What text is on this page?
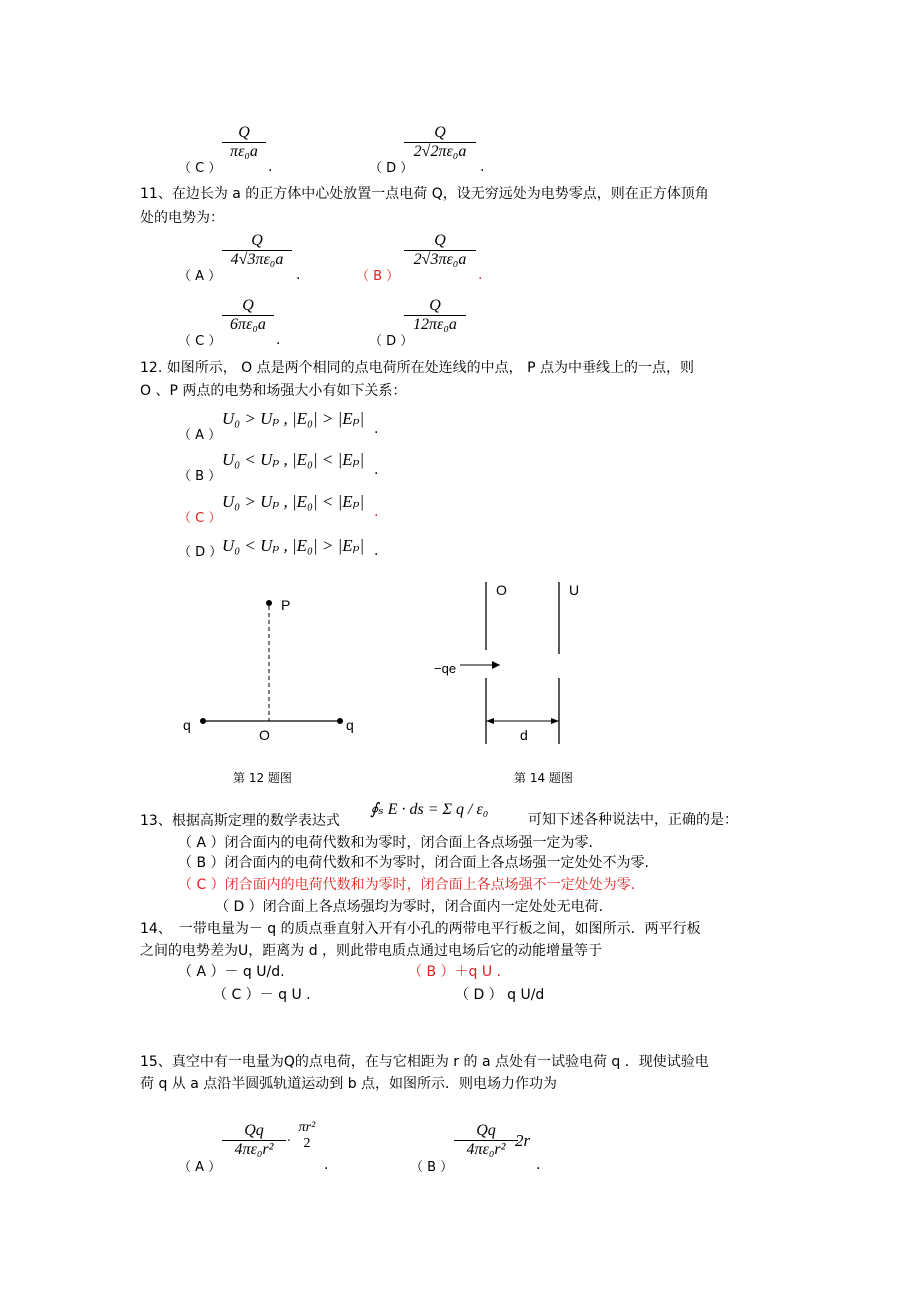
（ C ）
Q
πε₀a
.	（ D ）
Q
2√2πε₀a
.
11、在边长为 a 的正方体中心处放置一点电荷 Q，设无穷远处为电势零点，则在正方体顶角
处的电势为：
（ A ）
Q
4√3πε₀a
.	（ B ）
Q
2√3πε₀a
.
（ C ）
Q
6πε₀a
.	（ D ）
Q
12πε₀a
12. 如图所示， O 点是两个相同的点电荷所在处连线的中点， P 点为中垂线上的一点，则
O 、P 两点的电势和场强大小有如下关系：
（ A ）
U₀ > Uₚ , |E₀| > |Eₚ|
.
（ B ）
U₀ < Uₚ , |E₀| < |Eₚ|
.
（ C ）
U₀ > Uₚ , |E₀| < |Eₚ|
.
（ D ） U₀ < Uₚ , |E₀| > |Eₚ| .
P
q	q
O
第 12 题图
O	U
−qe
d
第 14 题图
13、根据高斯定理的数学表达式
∮ₛ E · ds = Σ q / ε₀
可知下述各种说法中，正确的是：
（ A ）闭合面内的电荷代数和为零时，闭合面上各点场强一定为零.
（ B ）闭合面内的电荷代数和不为零时，闭合面上各点场强一定处处不为零.
（ C ）闭合面内的电荷代数和为零时，闭合面上各点场强不一定处处为零.
（ D ）闭合面上各点场强均为零时，闭合面内一定处处无电荷.
14、　一带电量为－ q 的质点垂直射入开有小孔的两带电平行板之间，如图所示．两平行板
之间的电势差为U，距离为 d ，则此带电质点通过电场后它的动能增量等于
（ A ）－ q U/d.	（ B ）＋q U .
（ C ）－ q U .	（ D ） q U/d
15、真空中有一电量为Q的点电荷，在与它相距为 r 的 a 点处有一试验电荷 q ．现使试验电
荷 q 从 a 点沿半圆弧轨道运动到 b 点，如图所示．则电场力作功为
（ A ）
Qq
4πε₀r² ·
πr²
2
.	（ B ）
Qq
4πε₀r² 2r
.
